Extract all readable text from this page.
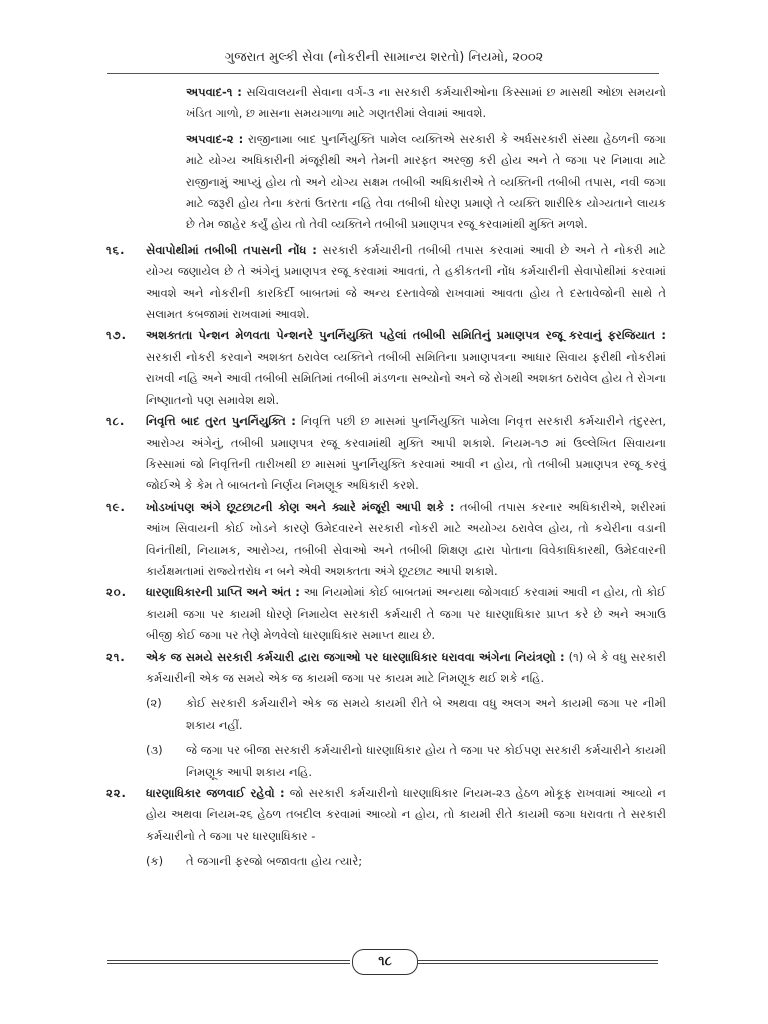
ગુજરાત મુલ્કી સેવા (નોકરીની સામાન્ય શરતો) નિયમો, ૨૦૦૨

અપવાદ-૧ : સચિવાલયની સેવાના વર્ગ-૩ ના સરકારી કર્મચારીઓના કિસ્સામાં છ માસથી ઓછા સમયનો ખંડિત ગાળો, છ માસના સમયગાળા માટે ગણતરીમાં લેવામાં આવશે.

અપવાદ-૨ : રાજીનામા બાદ પુનર્નિયુક્તિ પામેલ વ્યક્તિએ સરકારી કે અર્ધસરકારી સંસ્થા હેઠળની જગા માટે યોગ્ય અધિકારીની મંજૂરીથી અને તેમની મારફત અરજી કરી હોય અને તે જગા પર નિમાવા માટે રાજીનામું આપ્યું હોય તો અને યોગ્ય સક્ષમ તબીબી અધિકારીએ તે વ્યક્તિની તબીબી તપાસ, નવી જગા માટે જરૂરી હોય તેના કરતાં ઉતરતા નહિ તેવા તબીબી ધોરણ પ્રમાણે તે વ્યક્તિ શારીરિક યોગ્યતાને લાયક છે તેમ જાહેર કર્યું હોય તો તેવી વ્યક્તિને તબીબી પ્રમાણપત્ર રજૂ કરવામાંથી મુક્તિ મળશે.

૧૬. સેવાપોથીમાં તબીબી તપાસની નોંધ : સરકારી કર્મચારીની તબીબી તપાસ કરવામાં આવી છે અને તે નોકરી માટે યોગ્ય જણાયેલ છે તે અંગેનું પ્રમાણપત્ર રજૂ કરવામાં આવતાં, તે હકીકતની નોંધ કર્મચારીની સેવાપોથીમાં કરવામાં આવશે અને નોકરીની કારકિર્દી બાબતમાં જે અન્ય દસ્તાવેજો રાખવામાં આવતા હોય તે દસ્તાવેજોની સાથે તે સલામત કબજામાં રાખવામાં આવશે.
૧૭. અશક્તતા પેન્શન મેળવતા પેન્શનરે પુનર્નિયુક્તિ પહેલાં તબીબી સમિતિનું પ્રમાણપત્ર રજૂ કરવાનું ફરજિયાત : સરકારી નોકરી કરવાને અશક્ત ઠરાવેલ વ્યક્તિને તબીબી સમિતિના પ્રમાણપત્રના આધાર સિવાય ફરીથી નોકરીમાં રાખવી નહિ અને આવી તબીબી સમિતિમાં તબીબી મંડળના સભ્યોનો અને જે રોગથી અશક્ત ઠરાવેલ હોય તે રોગના નિષ્ણાતનો પણ સમાવેશ થશે.
૧૮. નિવૃત્તિ બાદ તુરત પુનર્નિયુક્તિ : નિવૃત્તિ પછી છ માસમાં પુનર્નિયુક્તિ પામેલા નિવૃત્ત સરકારી કર્મચારીને તંદુરસ્ત, આરોગ્ય અંગેનું, તબીબી પ્રમાણપત્ર રજૂ કરવામાંથી મુક્તિ આપી શકાશે. નિયમ-૧૭ માં ઉલ્લેખિત સિવાયના કિસ્સામાં જો નિવૃત્તિની તારીખથી છ માસમાં પુનર્નિયુક્તિ કરવામાં આવી ન હોય, તો તબીબી પ્રમાણપત્ર રજૂ કરવું જોઈએ કે કેમ તે બાબતનો નિર્ણય નિમણૂક અધિકારી કરશે.
૧૯. ખોડખાંપણ અંગે છૂટછાટની કોણ અને ક્યારે મંજૂરી આપી શકે : તબીબી તપાસ કરનાર અધિકારીએ, શરીરમાં આંખ સિવાયની કોઈ ખોડને કારણે ઉમેદવારને સરકારી નોકરી માટે અયોગ્ય ઠરાવેલ હોય, તો કચેરીના વડાની વિનંતીથી, નિયામક, આરોગ્ય, તબીબી સેવાઓ અને તબીબી શિક્ષણ દ્વારા પોતાના વિવેકાધિકારથી, ઉમેદવારની કાર્યક્ષમતામાં રાજ્યેત્તરોધ ન બને એવી અશક્તતા અંગે છૂટછાટ આપી શકાશે.
૨૦. ધારણાધિકારની પ્રાપ્તિ અને અંત : આ નિયમોમાં કોઈ બાબતમાં અન્યથા જોગવાઈ કરવામાં આવી ન હોય, તો કોઈ કાયમી જગા પર કાયમી ધોરણે નિમાયેલ સરકારી કર્મચારી તે જગા પર ધારણાધિકાર પ્રાપ્ત કરે છે અને અગાઉ બીજી કોઈ જગા પર તેણે મેળવેલો ધારણાધિકાર સમાપ્ત થાય છે.
૨૧. એક જ સમયે સરકારી કર્મચારી દ્વારા જગાઓ પર ધારણાધિકાર ધરાવવા અંગેના નિયંત્રણો : (૧) બે કે વધુ સરકારી કર્મચારીની એક જ સમયે એક જ કાયમી જગા પર કાયમ માટે નિમણૂક થઈ શકે નહિ.
(૨) કોઈ સરકારી કર્મચારીને એક જ સમયે કાયમી રીતે બે અથવા વધુ અલગ અને કાયમી જગા પર નીમી શકાય નહીં.
(૩) જે જગા પર બીજા સરકારી કર્મચારીનો ધારણાધિકાર હોય તે જગા પર કોઈપણ સરકારી કર્મચારીને કાયમી નિમણૂક આપી શકાય નહિ.
૨૨. ધારણાધિકાર જળવાઈ રહેવો : જો સરકારી કર્મચારીનો ધારણાધિકાર નિયમ-૨૩ હેઠળ મોકૂફ રાખવામાં આવ્યો ન હોય અથવા નિયમ-૨૬ હેઠળ તબદીલ કરવામાં આવ્યો ન હોય, તો કાયમી રીતે કાયમી જગા ધરાવતા તે સરકારી કર્મચારીનો તે જગા પર ધારણાધિકાર -
(ક) તે જગાની ફરજો બજાવતા હોય ત્યારે;
૧૮
